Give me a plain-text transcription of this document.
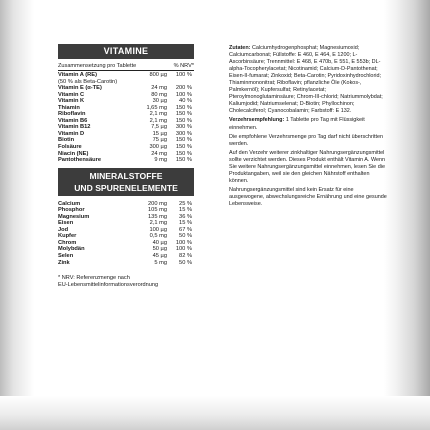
VITAMINE
Zusammensetzung pro Tablette	% NRV*
Vitamin A (RE)	800 µg	100 %
(50 % als Beta-Carotin)
Vitamin E (α-TE)	24 mg	200 %
Vitamin C	80 mg	100 %
Vitamin K	30 µg	40 %
Thiamin	1,65 mg	150 %
Riboflavin	2,1 mg	150 %
Vitamin B6	2,1 mg	150 %
Vitamin B12	7,5 µg	300 %
Vitamin D	15 µg	300 %
Biotin	75 µg	150 %
Folsäure	300 µg	150 %
Niacin (NE)	24 mg	150 %
Pantothensäure	9 mg	150 %
MINERALSTOFFE
UND SPURENELEMENTE
Calcium	200 mg	25 %
Phosphor	105 mg	15 %
Magnesium	135 mg	36 %
Eisen	2,1 mg	15 %
Jod	100 µg	67 %
Kupfer	0,5 mg	50 %
Chrom	40 µg	100 %
Molybdän	50 µg	100 %
Selen	45 µg	82 %
Zink	5 mg	50 %
* NRV: Referenzmenge nach
EU-Lebensmittelinformationsverordnung

Zutaten: Calciumhydrogenphosphat; Magnesiumoxid; Calciumcarbonat; Füllstoffe: E 460, E 464, E 1200; L-Ascorbinsäure; Trennmittel: E 468, E 470b, E 551, E 553b; DL-alpha-Tocopherylacetat; Nicotinamid; Calcium-D-Pantothenat; Eisen-II-fumarat; Zinkoxid; Beta-Carotin; Pyridoxinhydrochlorid; Thiaminmononitrat; Riboflavin; pflanzliche Öle (Kokos-, Palmkernöl); Kupfersulfat; Retinylacetat; Pteroylmonoglutaminsäure; Chrom-III-chlorid; Natriummolybdat; Kaliumjodid; Natriumselenat; D-Biotin; Phyllochinon; Cholecalciferol; Cyanocobalamin; Farbstoff: E 132.

Verzehrsempfehlung: 1 Tablette pro Tag mit Flüssigkeit einnehmen.

Die empfohlene Verzehrsmenge pro Tag darf nicht überschritten werden.

Auf den Verzehr weiterer zinkhaltiger Nahrungsergänzungsmittel sollte verzichtet werden. Dieses Produkt enthält Vitamin A. Wenn Sie weitere Nahrungsergänzungsmittel einnehmen, lesen Sie die Produktangaben, weil sie den gleichen Nährstoff enthalten können.

Nahrungsergänzungsmittel sind kein Ersatz für eine ausgewogene, abwechslungsreiche Ernährung und eine gesunde Lebensweise.
